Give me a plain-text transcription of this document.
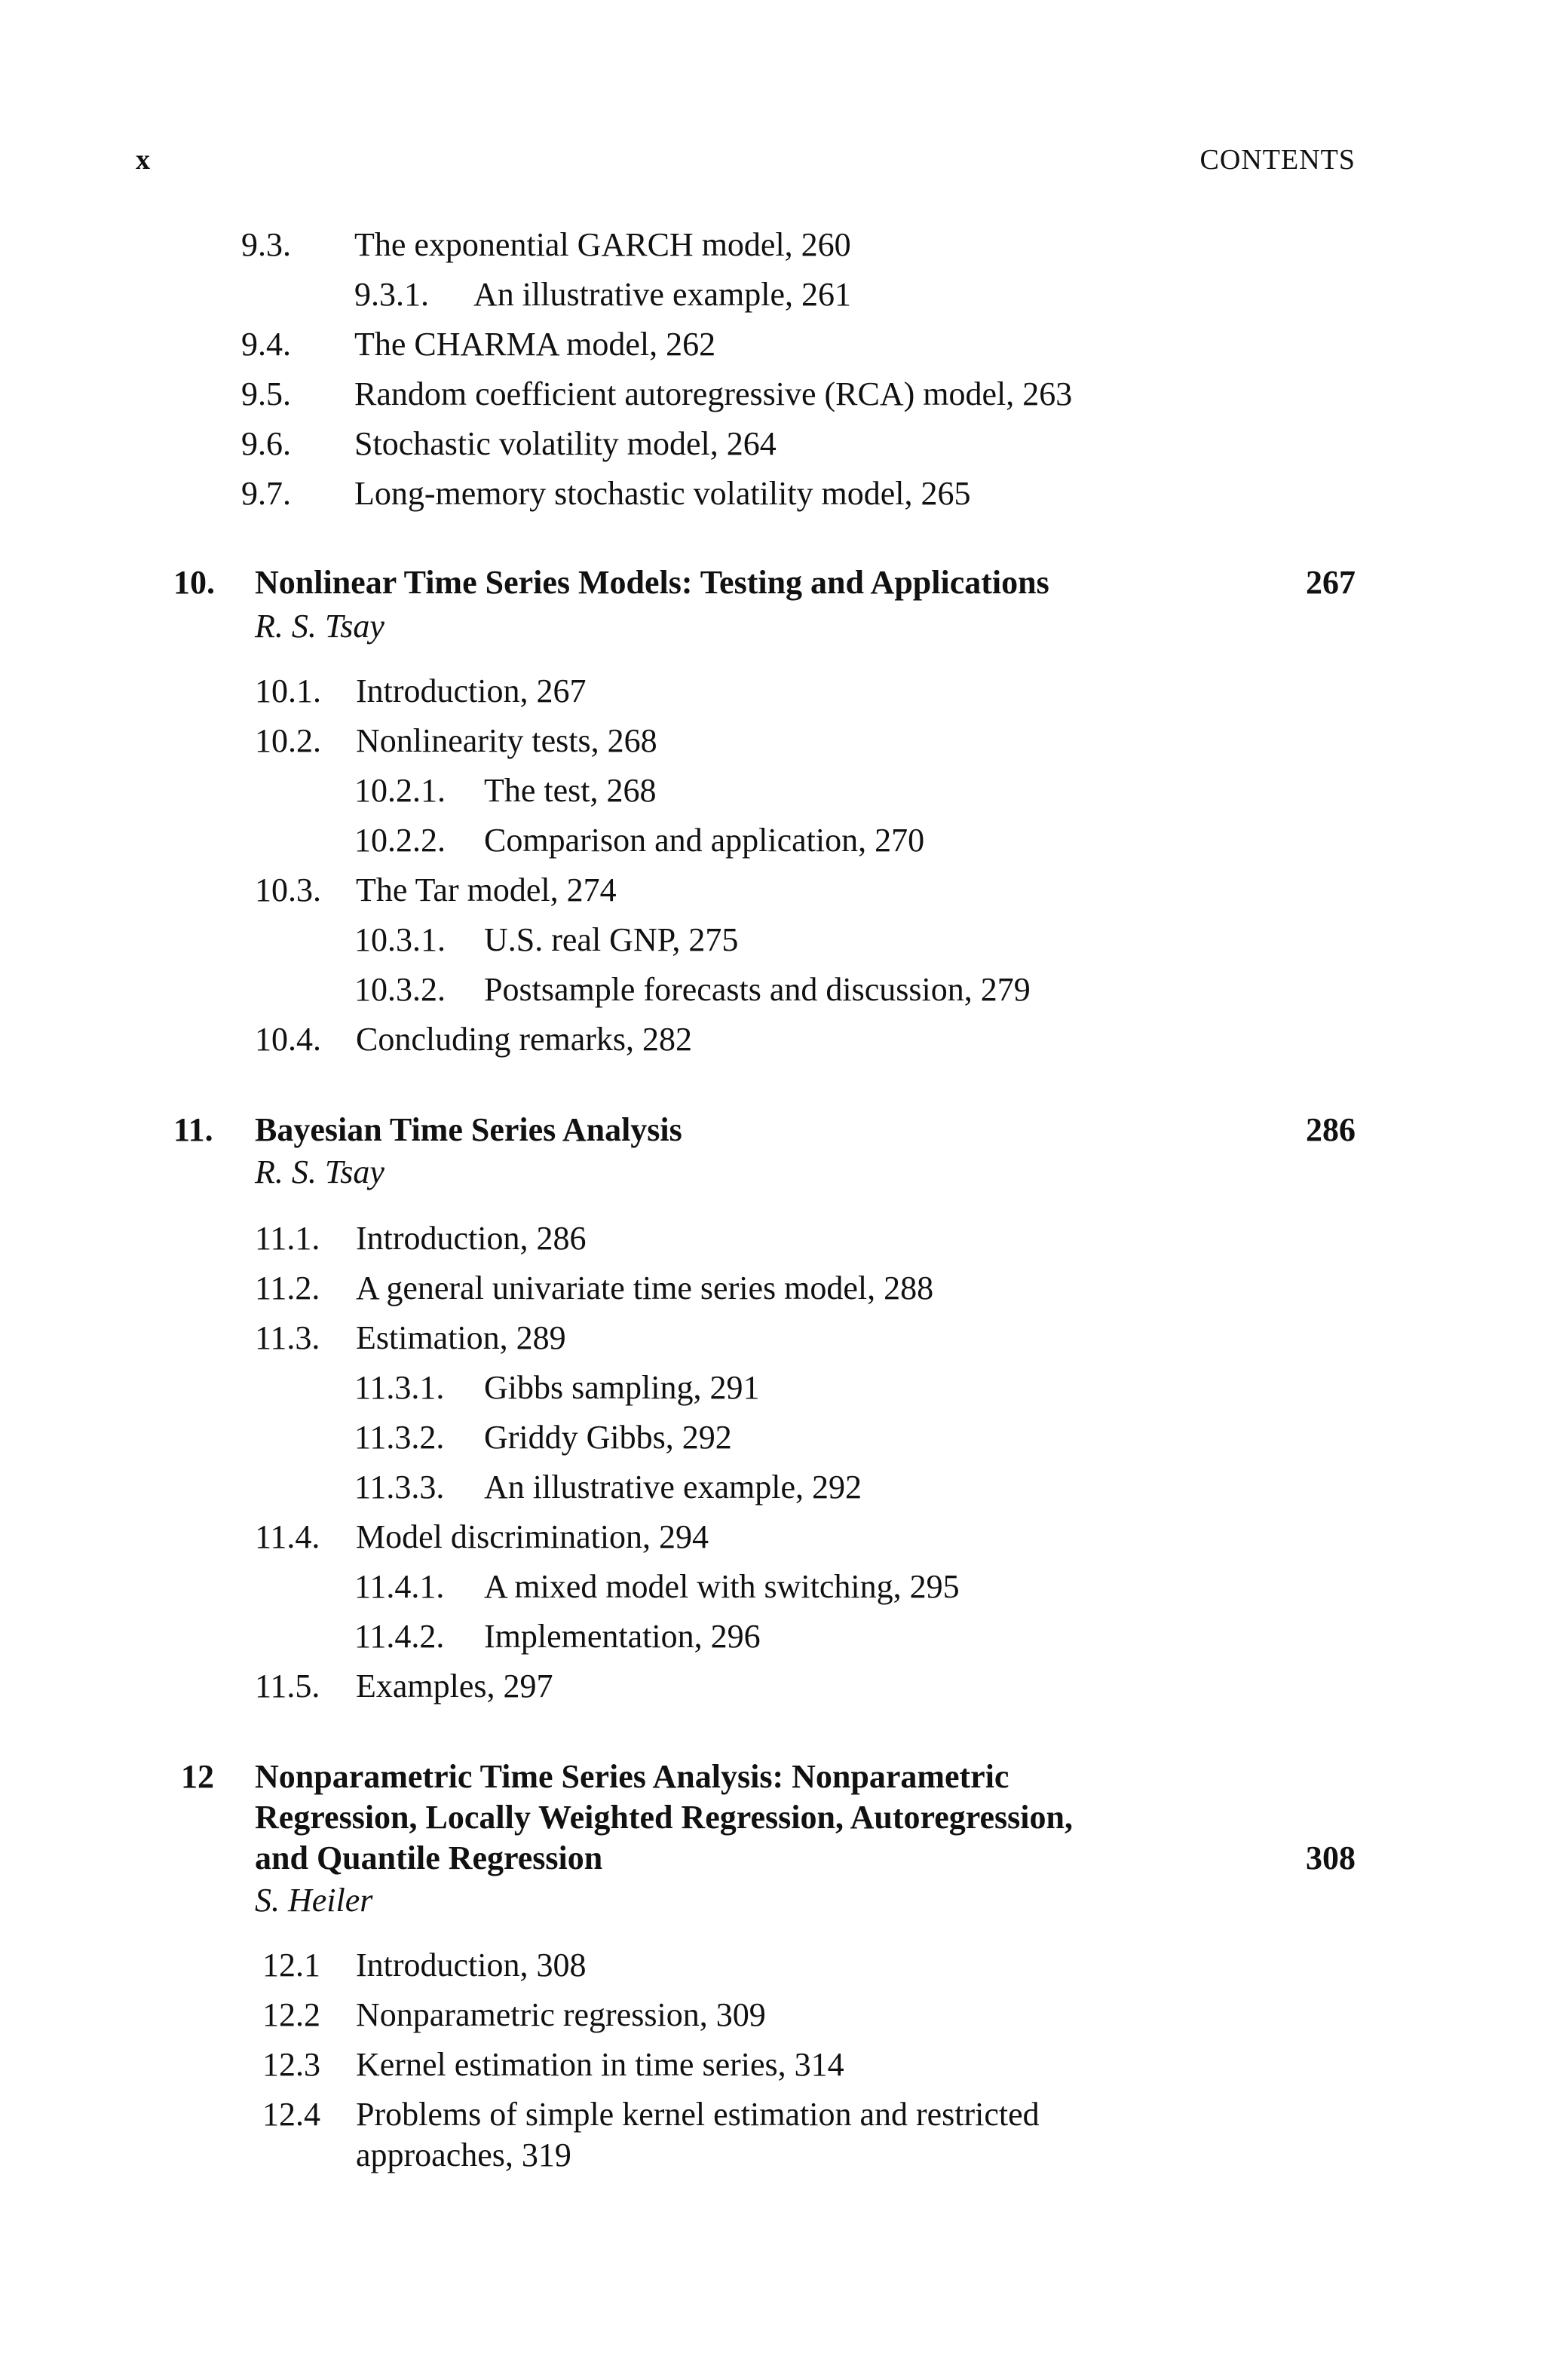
x	CONTENTS
9.3. The exponential GARCH model, 260
9.3.1. An illustrative example, 261
9.4. The CHARMA model, 262
9.5. Random coefficient autoregressive (RCA) model, 263
9.6. Stochastic volatility model, 264
9.7. Long-memory stochastic volatility model, 265
10. Nonlinear Time Series Models: Testing and Applications	267
R. S. Tsay
10.1. Introduction, 267
10.2. Nonlinearity tests, 268
10.2.1. The test, 268
10.2.2. Comparison and application, 270
10.3. The Tar model, 274
10.3.1. U.S. real GNP, 275
10.3.2. Postsample forecasts and discussion, 279
10.4. Concluding remarks, 282
11. Bayesian Time Series Analysis	286
R. S. Tsay
11.1. Introduction, 286
11.2. A general univariate time series model, 288
11.3. Estimation, 289
11.3.1. Gibbs sampling, 291
11.3.2. Griddy Gibbs, 292
11.3.3. An illustrative example, 292
11.4. Model discrimination, 294
11.4.1. A mixed model with switching, 295
11.4.2. Implementation, 296
11.5. Examples, 297
12 Nonparametric Time Series Analysis: Nonparametric
Regression, Locally Weighted Regression, Autoregression,
and Quantile Regression	308
S. Heiler
12.1 Introduction, 308
12.2 Nonparametric regression, 309
12.3 Kernel estimation in time series, 314
12.4 Problems of simple kernel estimation and restricted
approaches, 319
